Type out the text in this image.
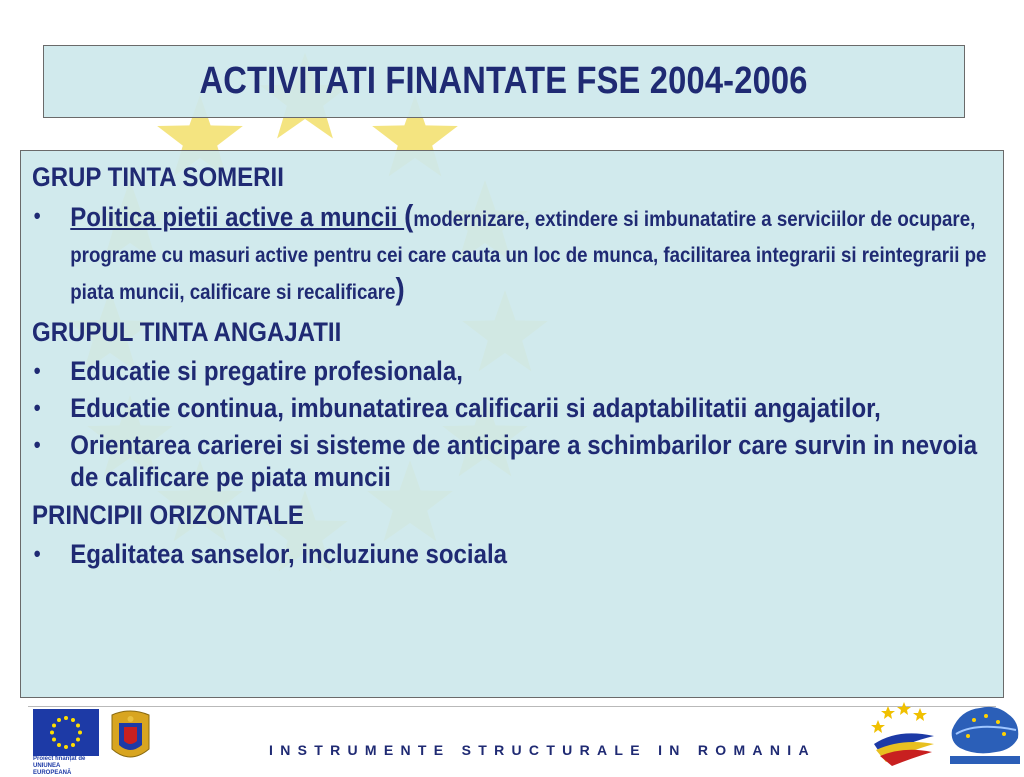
ACTIVITATI FINANTATE FSE 2004-2006
GRUP TINTA SOMERII
•	Politica pietii active a muncii (modernizare, extindere si imbunatatire a serviciilor de ocupare, programe cu masuri active pentru cei care cauta un loc de munca, facilitarea integrarii si reintegrarii pe piata muncii, calificare si recalificare)
GRUPUL TINTA ANGAJATII
•	Educatie si pregatire profesionala,
•	Educatie continua, imbunatatirea calificarii si adaptabilitatii angajatilor,
•	Orientarea carierei si sisteme de anticipare a schimbarilor care survin in nevoia de calificare pe piata muncii
PRINCIPII ORIZONTALE
•	Egalitatea sanselor, incluziune sociala
Proiect finanțat de
UNIUNEA EUROPEANĂ
INSTRUMENTE STRUCTURALE IN ROMANIA
